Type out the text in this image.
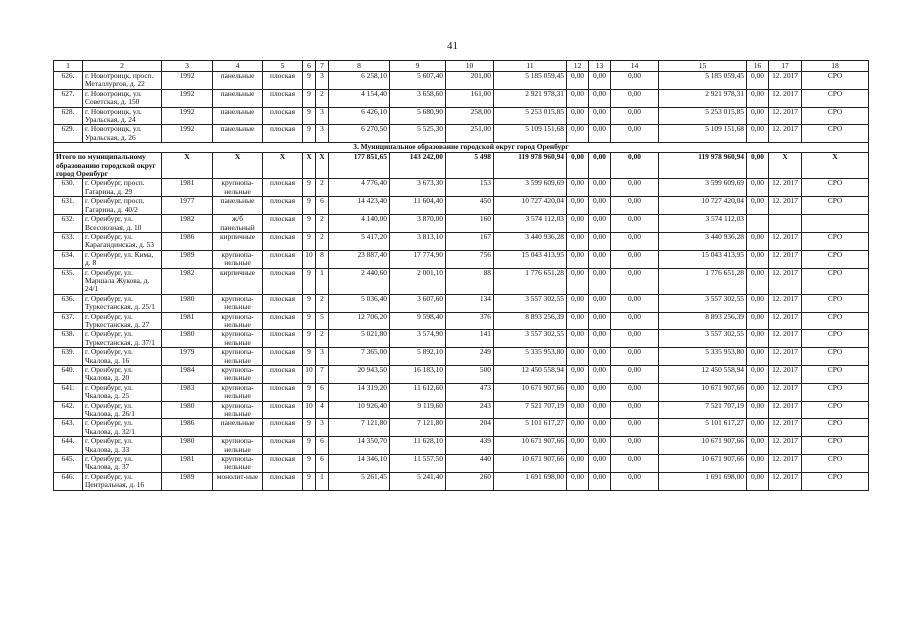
41
1	2	3	4	5	6	7	8	9	10	11	12	13	14	15	16	17	18
626.	г. Новотроицк, просп. Металлургов, д. 22	1992	панельные	плоская	9	3	6 258,10	5 607,40	201,00	5 185 059,45	0,00	0,00	0,00	5 185 059,45	0,00	12. 2017	СРО
627.	г. Новотроицк, ул. Советская, д. 150	1992	панельные	плоская	9	2	4 154,40	3 658,60	161,00	2 921 978,31	0,00	0,00	0,00	2 921 978,31	0,00	12. 2017	СРО
628.	г. Новотроицк, ул. Уральская, д. 24	1992	панельные	плоская	9	3	6 426,10	5 680,90	258,00	5 253 015,85	0,00	0,00	0,00	5 253 015,85	0,00	12. 2017	СРО
629.	г. Новотроицк, ул. Уральская, д. 26	1992	панельные	плоская	9	3	6 270,50	5 525,30	251,00	5 109 151,68	0,00	0,00	0,00	5 109 151,68	0,00	12. 2017	СРО
3. Муниципальное образование городской округ город Оренбург																	
Итого по муниципальному образованию городской округ город Оренбург		X	X	X	X	X	177 851,65	143 242,00	5 498	119 978 960,94	0,00	0,00	0,00	119 978 960,94	0,00	X	X
630.	г. Оренбург, просп. Гагарина, д. 29	1981	крупнопа-нельные	плоская	9	2	4 776,40	3 673,30	153	3 599 609,69	0,00	0,00	0,00	3 599 609,69	0,00	12. 2017	СРО
631.	г. Оренбург, просп. Гагарина, д. 40/2	1977	панельные	плоская	9	6	14 423,40	11 604,40	450	10 727 420,04	0,00	0,00	0,00	10 727 420,04	0,00	12. 2017	СРО
632.	г. Оренбург, ул. Всесоюзная, д. 10	1982	ж/б панельный	плоская	9	2	4 140,00	3 870,00	160	3 574 112,03	0,00	0,00	0,00	3 574 112,03			
633.	г. Оренбург, ул. Карагандинская, д. 53	1986	кирпичные	плоская	9	2	5 417,20	3 813,10	167	3 440 936,28	0,00	0,00	0,00	3 440 936,28	0,00	12. 2017	СРО
634.	г. Оренбург, ул. Кима, д. 8	1989	крупнопа-нельные	плоская	10	8	23 887,40	17 774,90	756	15 043 413,95	0,00	0,00	0,00	15 043 413,95	0,00	12. 2017	СРО
635.	г. Оренбург, ул. Маршала Жукова, д. 24/1	1982	кирпичные	плоская	9	1	2 440,60	2 001,10	88	1 776 651,28	0,00	0,00	0,00	1 776 651,28	0,00	12. 2017	СРО
636.	г. Оренбург, ул. Туркестанская, д. 25/1	1980	крупнопа-нельные	плоская	9	2	5 036,40	3 607,60	134	3 557 302,55	0,00	0,00	0,00	3 557 302,55	0,00	12. 2017	СРО
637.	г. Оренбург, ул. Туркестанская, д. 27	1981	крупнопа-нельные	плоская	9	5	12 706,20	9 598,40	376	8 893 256,39	0,00	0,00	0,00	8 893 256,39	0,00	12. 2017	СРО
638.	г. Оренбург, ул. Туркестанская, д. 37/1	1980	крупнопа-нельные	плоская	9	2	5 021,80	3 574,90	141	3 557 302,55	0,00	0,00	0,00	3 557 302,55	0,00	12. 2017	СРО
639.	г. Оренбург, ул. Чкалова, д. 16	1979	крупнопа-нельные	плоская	9	3	7 365,00	5 892,10	249	5 335 953,80	0,00	0,00	0,00	5 335 953,80	0,00	12. 2017	СРО
640.	г. Оренбург, ул. Чкалова, д. 20	1984	крупнопа-нельные	плоская	10	7	20 943,50	16 183,10	500	12 450 558,94	0,00	0,00	0,00	12 450 558,94	0,00	12. 2017	СРО
641.	г. Оренбург, ул. Чкалова, д. 25	1983	крупнопа-нельные	плоская	9	6	14 319,20	11 612,60	473	10 671 907,66	0,00	0,00	0,00	10 671 907,66	0,00	12. 2017	СРО
642.	г. Оренбург, ул. Чкалова, д. 26/1	1980	крупнопа-нельные	плоская	10	4	10 926,40	9 119,60	243	7 521 707,19	0,00	0,00	0,00	7 521 707,19	0,00	12. 2017	СРО
643.	г. Оренбург, ул. Чкалова, д. 32/1	1986	панельные	плоская	9	3	7 121,80	7 121,80	204	5 101 617,27	0,00	0,00	0,00	5 101 617,27	0,00	12. 2017	СРО
644.	г. Оренбург, ул. Чкалова, д. 33	1980	крупнопа-нельные	плоская	9	6	14 350,70	11 628,10	439	10 671 907,66	0,00	0,00	0,00	10 671 907,66	0,00	12. 2017	СРО
645.	г. Оренбург, ул. Чкалова, д. 37	1981	крупнопа-нельные	плоская	9	6	14 346,10	11 557,50	440	10 671 907,66	0,00	0,00	0,00	10 671 907,66	0,00	12. 2017	СРО
646.	г. Оренбург, ул. Центральная, д. 16	1989	монолит-ные	плоская	9	1	5 261,45	5 241,40	260	1 691 698,00	0,00	0,00	0,00	1 691 698,00	0,00	12. 2017	СРО
